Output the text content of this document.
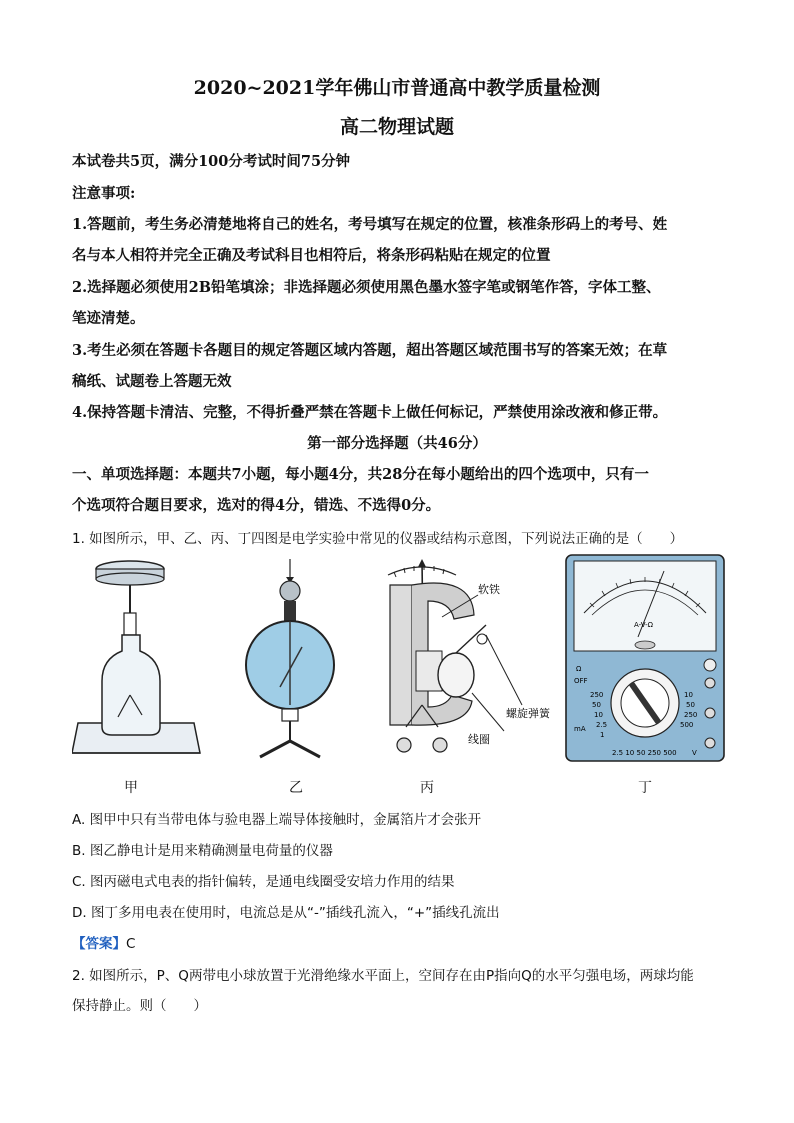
2020~2021学年佛山市普通高中教学质量检测
高二物理试题
本试卷共5页，满分100分考试时间75分钟
注意事项:
1.答题前，考生务必清楚地将自己的姓名，考号填写在规定的位置，核准条形码上的考号、姓
名与本人相符并完全正确及考试科目也相符后，将条形码粘贴在规定的位置
2.选择题必须使用2B铅笔填涂；非选择题必须使用黑色墨水签字笔或钢笔作答，字体工整、
笔迹清楚。
3.考生必须在答题卡各题目的规定答题区域内答题，超出答题区域范围书写的答案无效；在草
稿纸、试题卷上答题无效
4.保持答题卡清洁、完整，不得折叠严禁在答题卡上做任何标记，严禁使用涂改液和修正带。
第一部分选择题（共46分）
一、单项选择题：本题共7小题，每小题4分，共28分在每小题给出的四个选项中，只有一
个选项符合题目要求，选对的得4分，错选、不选得0分。
1. 如图所示，甲、乙、丙、丁四图是电学实验中常见的仪器或结构示意图，下列说法正确的是（　　）
甲	乙
软铁
螺旋弹簧
线圈
丙
A-V-Ω
Ω
OFF
250
50
10
2.5
1
mA
10
50
250
500
2.5 10 50 250 500 V
丁
A. 图甲中只有当带电体与验电器上端导体接触时，金属箔片才会张开
B. 图乙静电计是用来精确测量电荷量的仪器
C. 图丙磁电式电表的指针偏转，是通电线圈受安培力作用的结果
D. 图丁多用电表在使用时，电流总是从“-”插线孔流入，“+”插线孔流出
【答案】C
2. 如图所示，P、Q两带电小球放置于光滑绝缘水平面上，空间存在由P指向Q的水平匀强电场，两球均能
保持静止。则（　　）
